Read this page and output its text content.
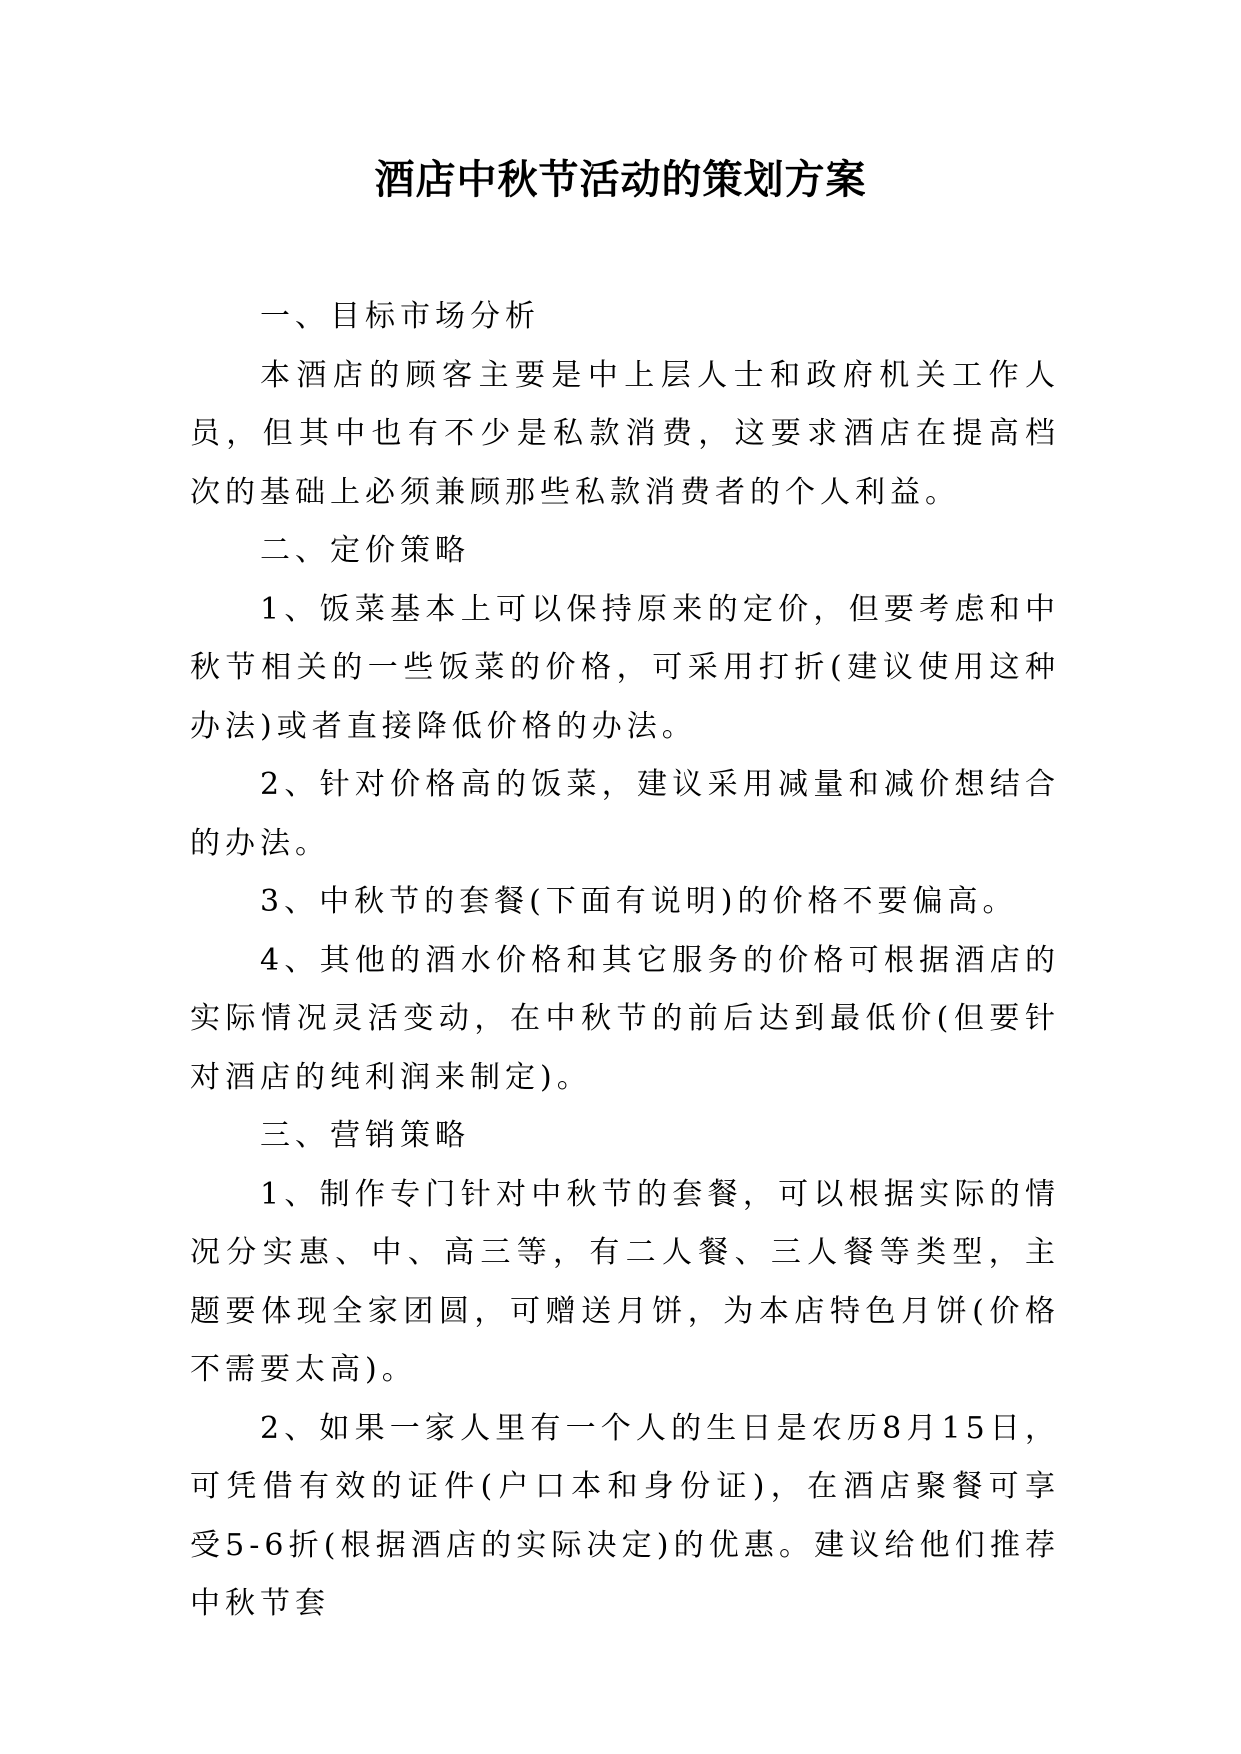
酒店中秋节活动的策划方案

一、目标市场分析

本酒店的顾客主要是中上层人士和政府机关工作人员，但其中也有不少是私款消费，这要求酒店在提高档次的基础上必须兼顾那些私款消费者的个人利益。

二、定价策略

1、饭菜基本上可以保持原来的定价，但要考虑和中秋节相关的一些饭菜的价格，可采用打折(建议使用这种办法)或者直接降低价格的办法。

2、针对价格高的饭菜，建议采用减量和减价想结合的办法。

3、中秋节的套餐(下面有说明)的价格不要偏高。

4、其他的酒水价格和其它服务的价格可根据酒店的实际情况灵活变动，在中秋节的前后达到最低价(但要针对酒店的纯利润来制定)。

三、营销策略

1、制作专门针对中秋节的套餐，可以根据实际的情况分实惠、中、高三等，有二人餐、三人餐等类型，主题要体现全家团圆，可赠送月饼，为本店特色月饼(价格不需要太高)。

2、如果一家人里有一个人的生日是农历8月15日，可凭借有效的证件(户口本和身份证)，在酒店聚餐可享受5-6折(根据酒店的实际决定)的优惠。建议给他们推荐中秋节套
